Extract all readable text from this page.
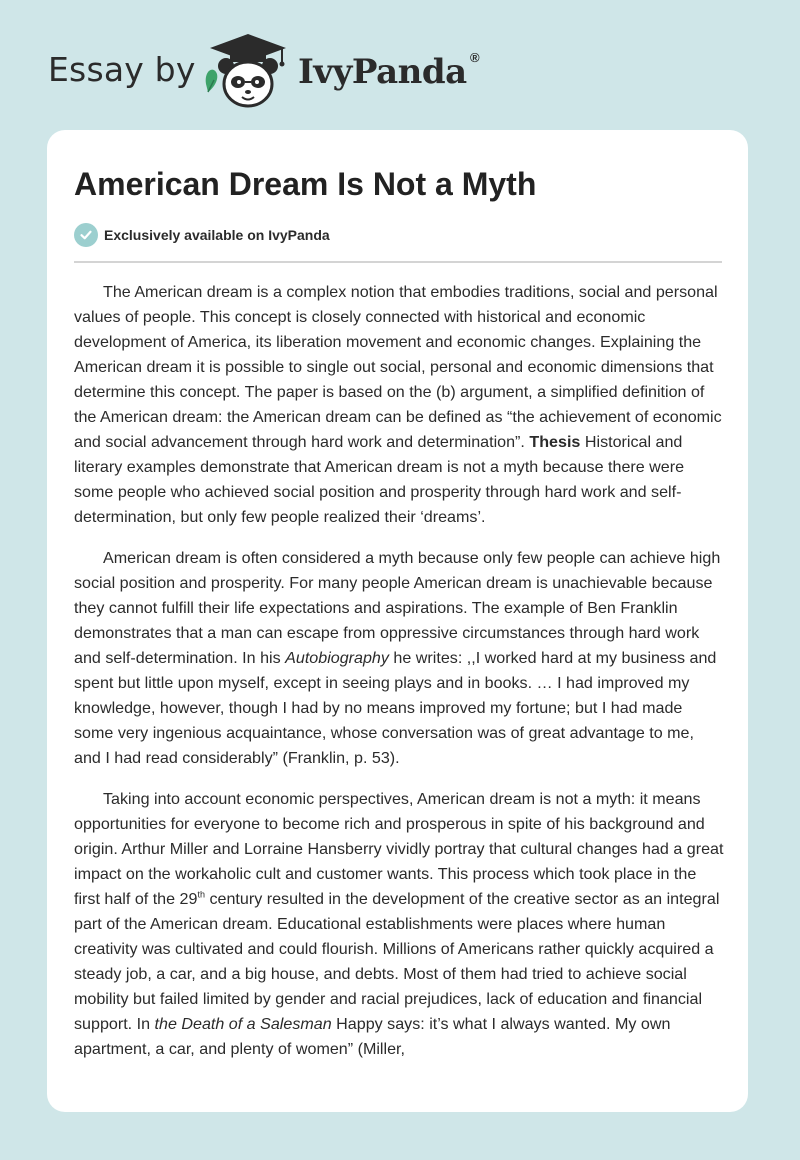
Essay by	IvyPanda ®
American Dream Is Not a Myth
Exclusively available on IvyPanda

The American dream is a complex notion that embodies traditions, social and personal values of people. This concept is closely connected with historical and economic development of America, its liberation movement and economic changes. Explaining the American dream it is possible to single out social, personal and economic dimensions that determine this concept. The paper is based on the (b) argument, a simplified definition of the American dream: the American dream can be defined as “the achievement of economic and social advancement through hard work and determination”. Thesis Historical and literary examples demonstrate that American dream is not a myth because there were some people who achieved social position and prosperity through hard work and self-determination, but only few people realized their ‘dreams’.

American dream is often considered a myth because only few people can achieve high social position and prosperity. For many people American dream is unachievable because they cannot fulfill their life expectations and aspirations. The example of Ben Franklin demonstrates that a man can escape from oppressive circumstances through hard work and self-determination. In his Autobiography he writes: ,,I worked hard at my business and spent but little upon myself, except in seeing plays and in books. … I had improved my knowledge, however, though I had by no means improved my fortune; but I had made some very ingenious acquaintance, whose conversation was of great advantage to me, and I had read considerably” (Franklin, p. 53).

Taking into account economic perspectives, American dream is not a myth: it means opportunities for everyone to become rich and prosperous in spite of his background and origin. Arthur Miller and Lorraine Hansberry vividly portray that cultural changes had a great impact on the workaholic cult and customer wants. This process which took place in the first half of the 29th century resulted in the development of the creative sector as an integral part of the American dream. Educational establishments were places where human creativity was cultivated and could flourish. Millions of Americans rather quickly acquired a steady job, a car, and a big house, and debts. Most of them had tried to achieve social mobility but failed limited by gender and racial prejudices, lack of education and financial support. In the Death of a Salesman Happy says: it’s what I always wanted. My own apartment, a car, and plenty of women” (Miller,
